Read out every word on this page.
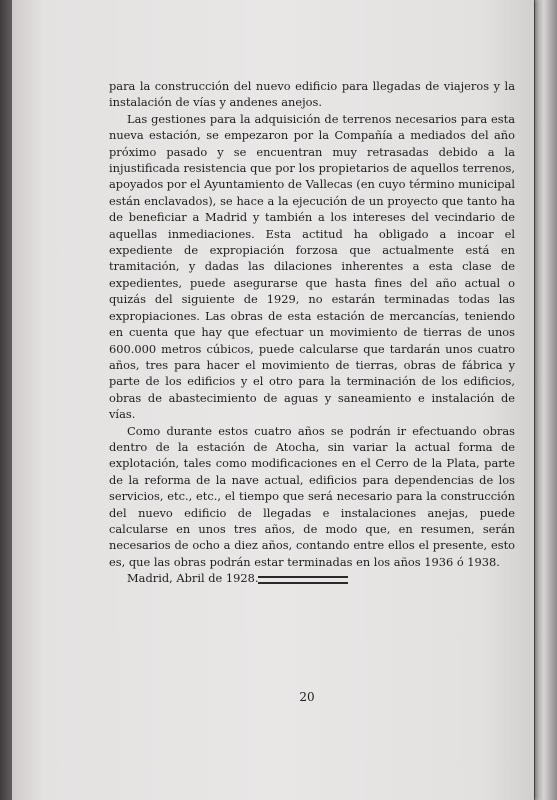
para la construcción del nuevo edificio para llegadas de viajeros y la instalación de vías y andenes anejos.

Las gestiones para la adquisición de terrenos necesarios para esta nueva estación, se empezaron por la Compañía a mediados del año próximo pasado y se encuentran muy retrasadas debido a la injustificada resistencia que por los propietarios de aquellos terrenos, apoyados por el Ayuntamiento de Vallecas (en cuyo término municipal están enclavados), se hace a la ejecución de un proyecto que tanto ha de beneficiar a Madrid y también a los intereses del vecindario de aquellas inmediaciones. Esta actitud ha obligado a incoar el expediente de expropiación forzosa que actualmente está en tramitación, y dadas las dilaciones inherentes a esta clase de expedientes, puede asegurarse que hasta fines del año actual o quizás del siguiente de 1929, no estarán terminadas todas las expropiaciones. Las obras de esta estación de mercancías, teniendo en cuenta que hay que efectuar un movimiento de tierras de unos 600.000 metros cúbicos, puede calcularse que tardarán unos cuatro años, tres para hacer el movimiento de tierras, obras de fábrica y parte de los edificios y el otro para la terminación de los edificios, obras de abastecimiento de aguas y saneamiento e instalación de vías.

Como durante estos cuatro años se podrán ir efectuando obras dentro de la estación de Atocha, sin variar la actual forma de explotación, tales como modificaciones en el Cerro de la Plata, parte de la reforma de la nave actual, edificios para dependencias de los servicios, etc., etc., el tiempo que será necesario para la construcción del nuevo edificio de llegadas e instalaciones anejas, puede calcularse en unos tres años, de modo que, en resumen, serán necesarios de ocho a diez años, contando entre ellos el presente, esto es, que las obras podrán estar terminadas en los años 1936 ó 1938.

Madrid, Abril de 1928.

20
